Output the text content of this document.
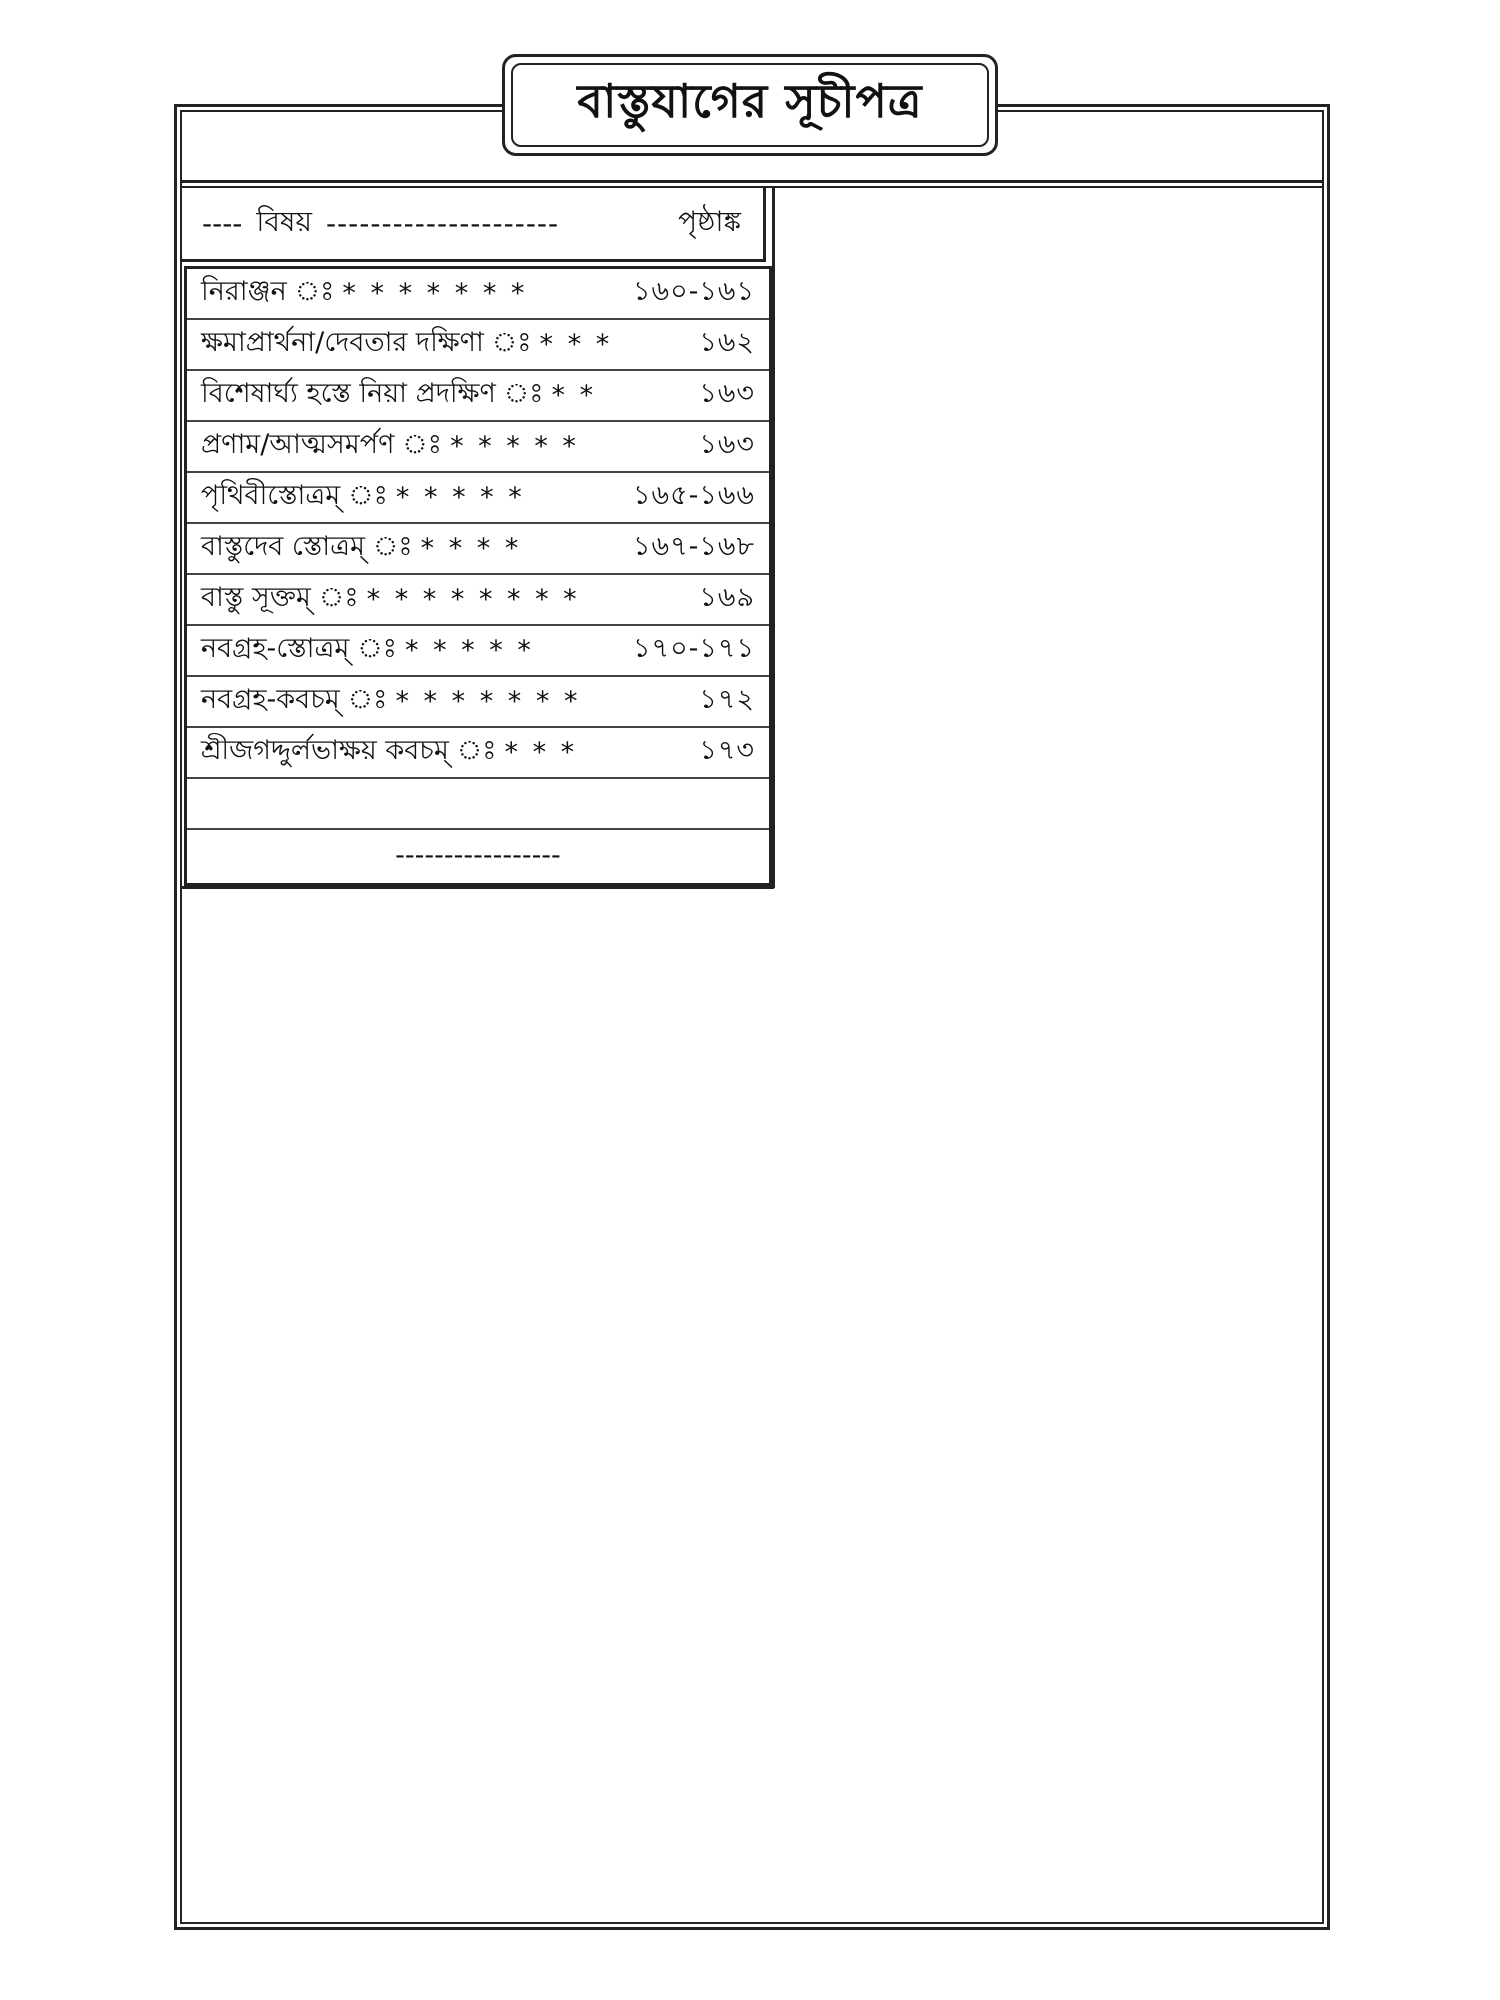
বাস্তুযাগের সূচীপত্র
---- বিষয় ---------------------	পৃষ্ঠাঙ্ক
নিরাঞ্জন ঃ * * * * * * *	১৬০-১৬১
ক্ষমাপ্রার্থনা/দেবতার দক্ষিণা ঃ * * *	১৬২
বিশেষার্ঘ্য হস্তে নিয়া প্রদক্ষিণ ঃ * *	১৬৩
প্রণাম/আত্মসমর্পণ ঃ * * * * *	১৬৩
পৃথিবীস্তোত্রম্ ঃ * * * * *	১৬৫-১৬৬
বাস্তুদেব স্তোত্রম্ ঃ * * * *	১৬৭-১৬৮
বাস্তু সূক্তম্ ঃ * * * * * * * *	১৬৯
নবগ্রহ-স্তোত্রম্ ঃ * * * * *	১৭০-১৭১
নবগ্রহ-কবচম্ ঃ * * * * * * *	১৭২
শ্রীজগদ্দুর্লভাক্ষয় কবচম্ ঃ * * *	১৭৩
-----------------
